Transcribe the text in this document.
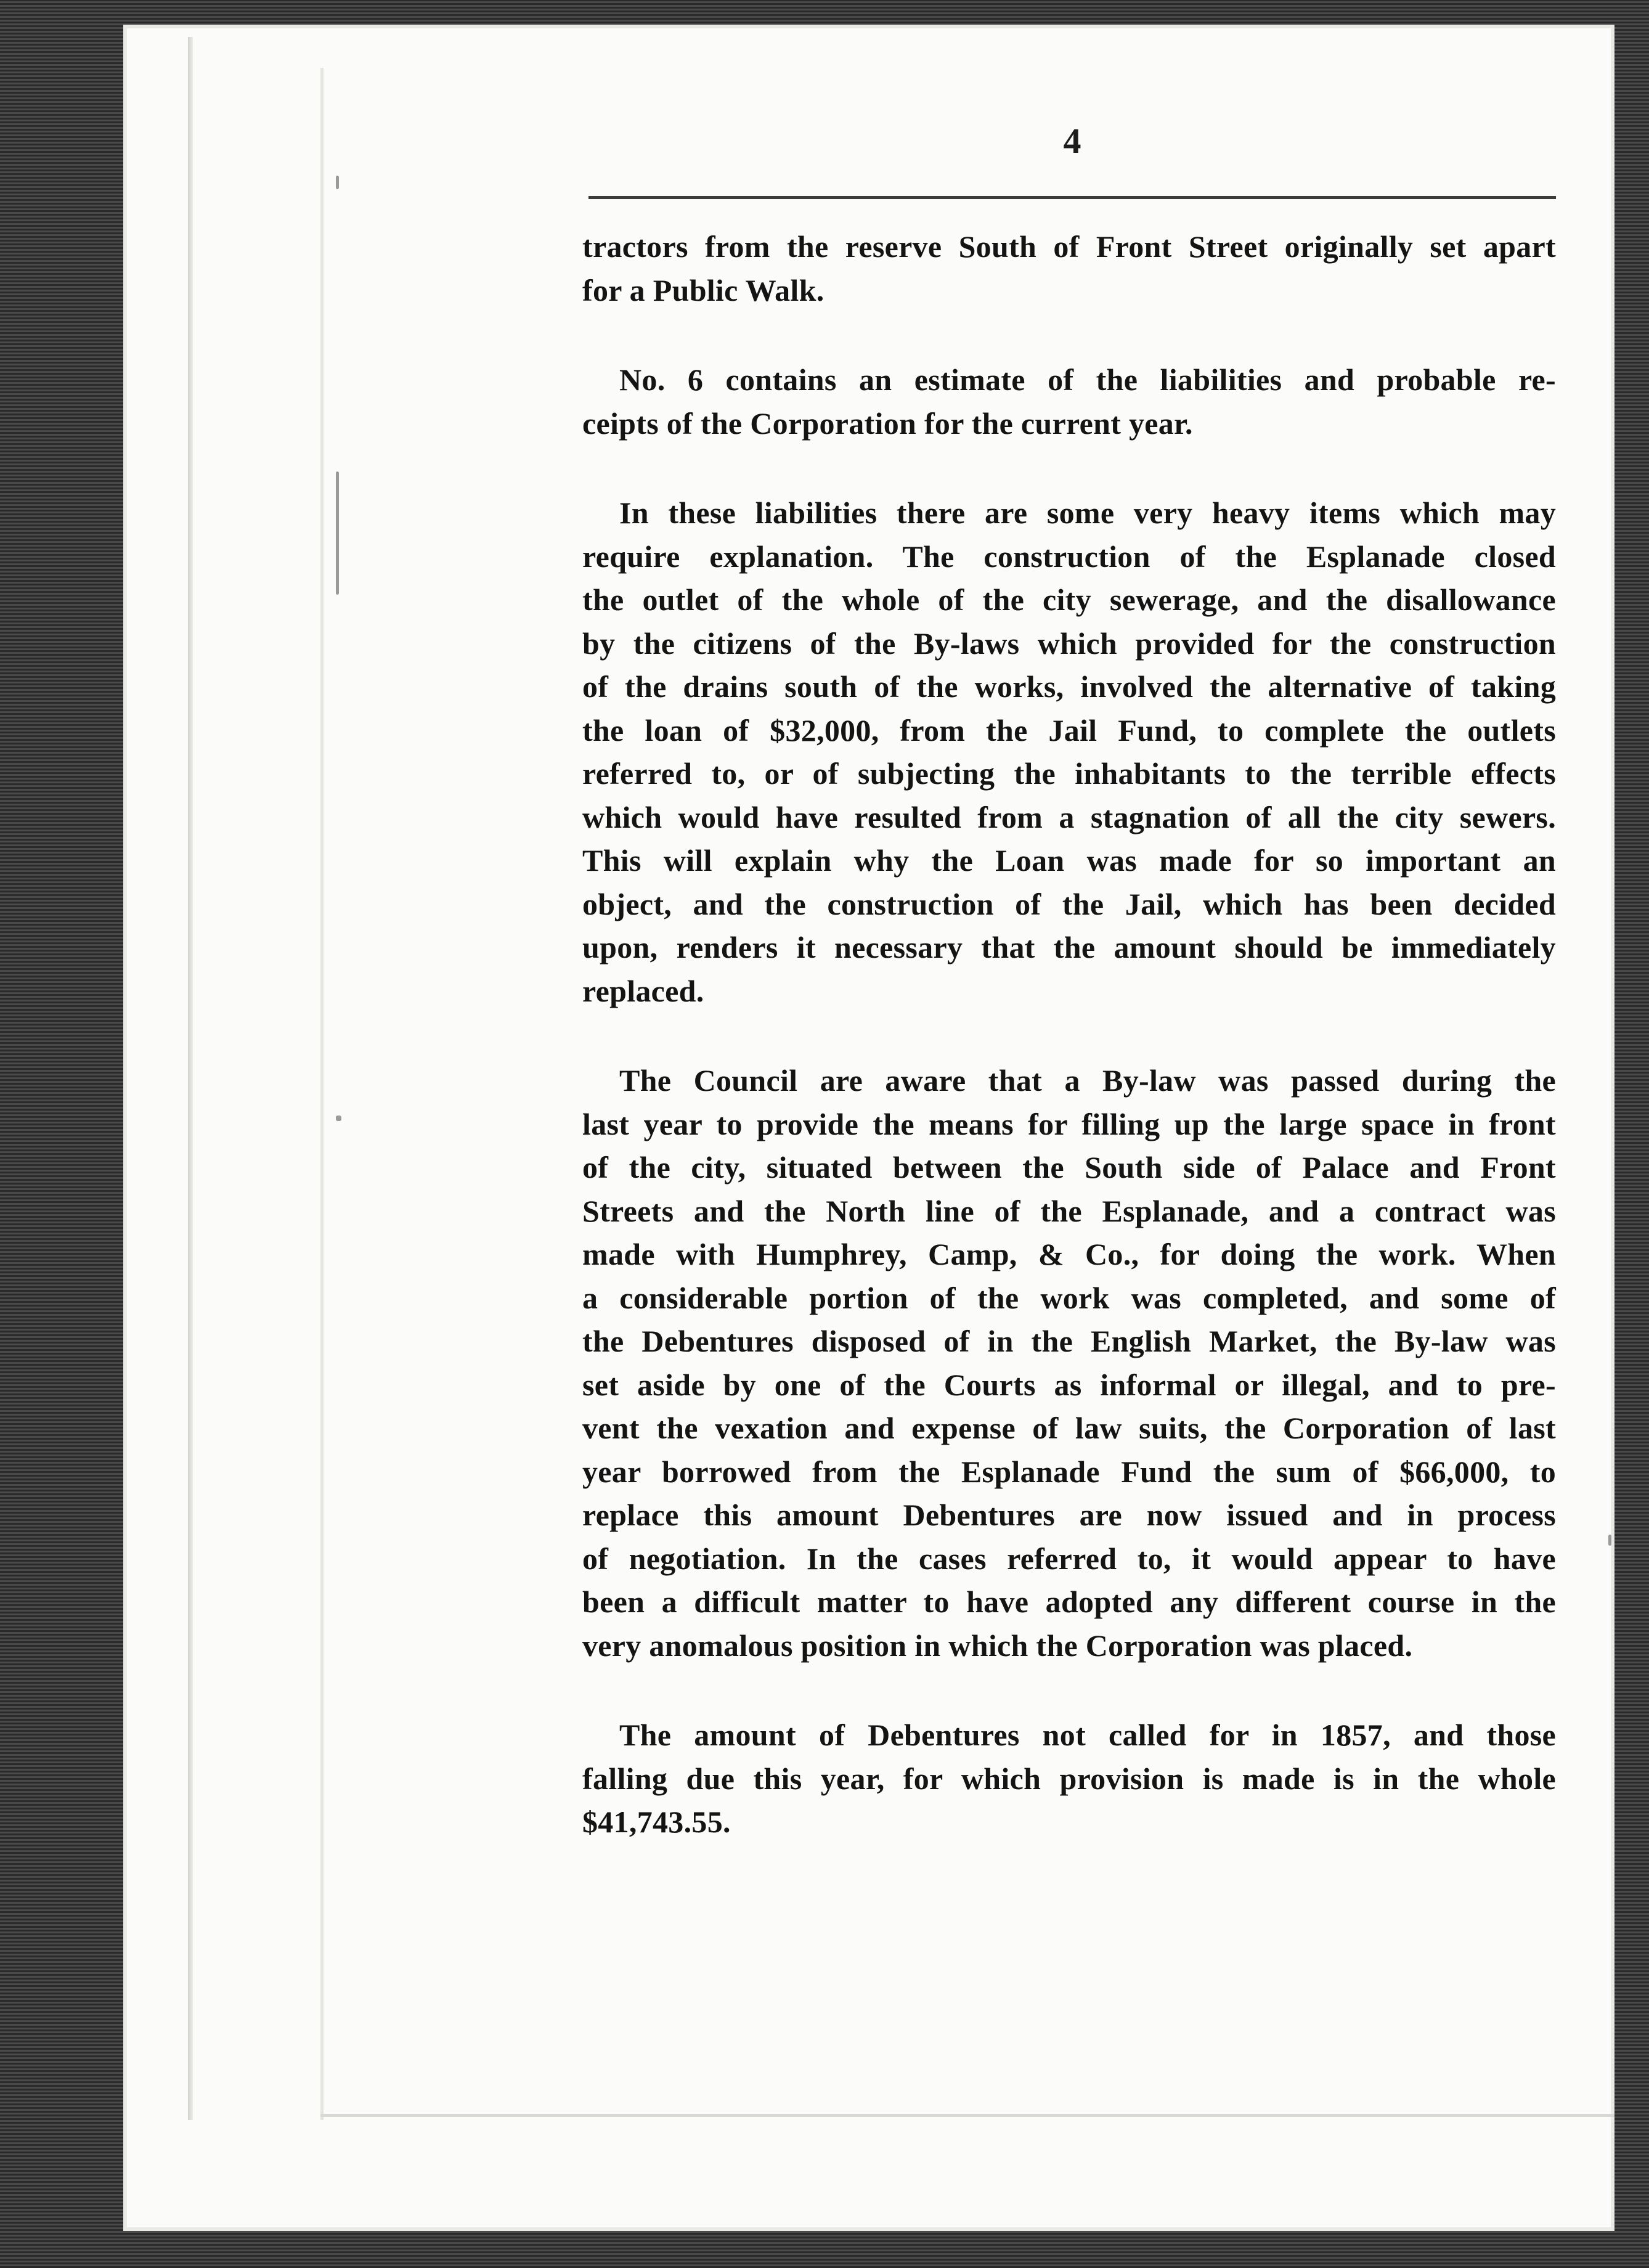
4

tractors from the reserve South of Front Street originally set apart
for a Public Walk.

No. 6 contains an estimate of the liabilities and probable re-

ceipts of the Corporation for the current year.

In these liabilities there are some very heavy items which may

require explanation. The construction of the Esplanade closed
the outlet of the whole of the city sewerage, and the disallowance
by the citizens of the By-laws which provided for the construction
of the drains south of the works, involved the alternative of taking
the loan of $32,000, from the Jail Fund, to complete the outlets
referred to, or of subjecting the inhabitants to the terrible effects
which would have resulted from a stagnation of all the city sewers.
This will explain why the Loan was made for so important an
object, and the construction of the Jail, which has been decided
upon, renders it necessary that the amount should be immediately
replaced.

The Council are aware that a By-law was passed during the

last year to provide the means for filling up the large space in front
of the city, situated between the South side of Palace and Front
Streets and the North line of the Esplanade, and a contract was
made with Humphrey, Camp, & Co., for doing the work. When
a considerable portion of the work was completed, and some of
the Debentures disposed of in the English Market, the By-law was
set aside by one of the Courts as informal or illegal, and to pre-
vent the vexation and expense of law suits, the Corporation of last
year borrowed from the Esplanade Fund the sum of $66,000, to
replace this amount Debentures are now issued and in process
of negotiation. In the cases referred to, it would appear to have
been a difficult matter to have adopted any different course in the
very anomalous position in which the Corporation was placed.

The amount of Debentures not called for in 1857, and those

falling due this year, for which provision is made is in the whole
$41,743.55.
